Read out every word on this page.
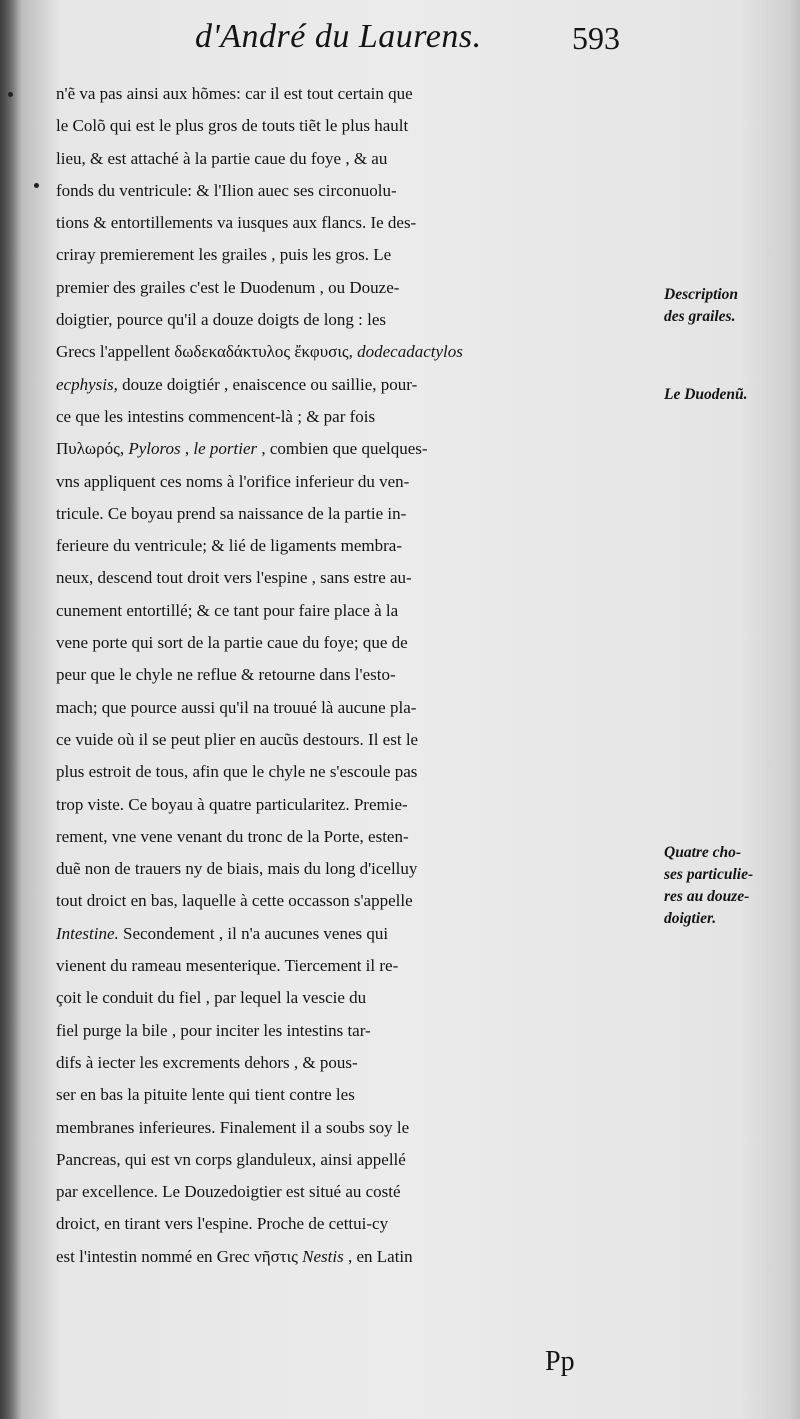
d'André du Laurens.	593
n'ẽ va pas ainsi aux hõmes: car il est tout certain que
le Colõ qui est le plus gros de touts tiẽt le plus hault
lieu, & est attaché à la partie caue du foye , & au
fonds du ventricule: & l'Ilion auec ses circonuolu-
tions & entortillements va iusques aux flancs. Ie des-
criray premierement les grailes , puis les gros. Le
premier des grailes c'est le Duodenum , ou Douze-
doigtier, pource qu'il a douze doigts de long : les
Grecs l'appellent δωδεκαδάκτυλος ἔκφυσις, dodecadactylos
ecphysis, douze doigtiér , enaiscence ou saillie, pour-
ce que les intestins commencent-là ; & par fois
Πυλωρός, Pyloros , le portier , combien que quelques-
vns appliquent ces noms à l'orifice inferieur du ven-
tricule. Ce boyau prend sa naissance de la partie in-
ferieure du ventricule; & lié de ligaments membra-
neux, descend tout droit vers l'espine , sans estre au-
cunement entortillé; & ce tant pour faire place à la
vene porte qui sort de la partie caue du foye; que de
peur que le chyle ne reflue & retourne dans l'esto-
mach; que pource aussi qu'il na trouué là aucune pla-
ce vuide où il se peut plier en aucũs destours. Il est le
plus estroit de tous, afin que le chyle ne s'escoule pas
trop viste. Ce boyau à quatre particularitez. Premie-
rement, vne vene venant du tronc de la Porte, esten-
duẽ non de trauers ny de biais, mais du long d'icelluy
tout droict en bas, laquelle à cette occasson s'appelle
Intestine. Secondement , il n'a aucunes venes qui
vienent du rameau mesenterique. Tiercement il re-
çoit le conduit du fiel , par lequel la vescie du
fiel purge la bile , pour inciter les intestins tar-
difs à iecter les excrements dehors , & pous-
ser en bas la pituite lente qui tient contre les
membranes inferieures. Finalement il a soubs soy le
Pancreas, qui est vn corps glanduleux, ainsi appellé
par excellence. Le Douzedoigtier est situé au costé
droict, en tirant vers l'espine. Proche de cettui-cy
est l'intestin nommé en Grec νῆστις Nestis , en Latin
Description
des grailes.
Le Duodenũ.
Quatre cho-
ses particulie-
res au douze-
doigtier.
Pp
